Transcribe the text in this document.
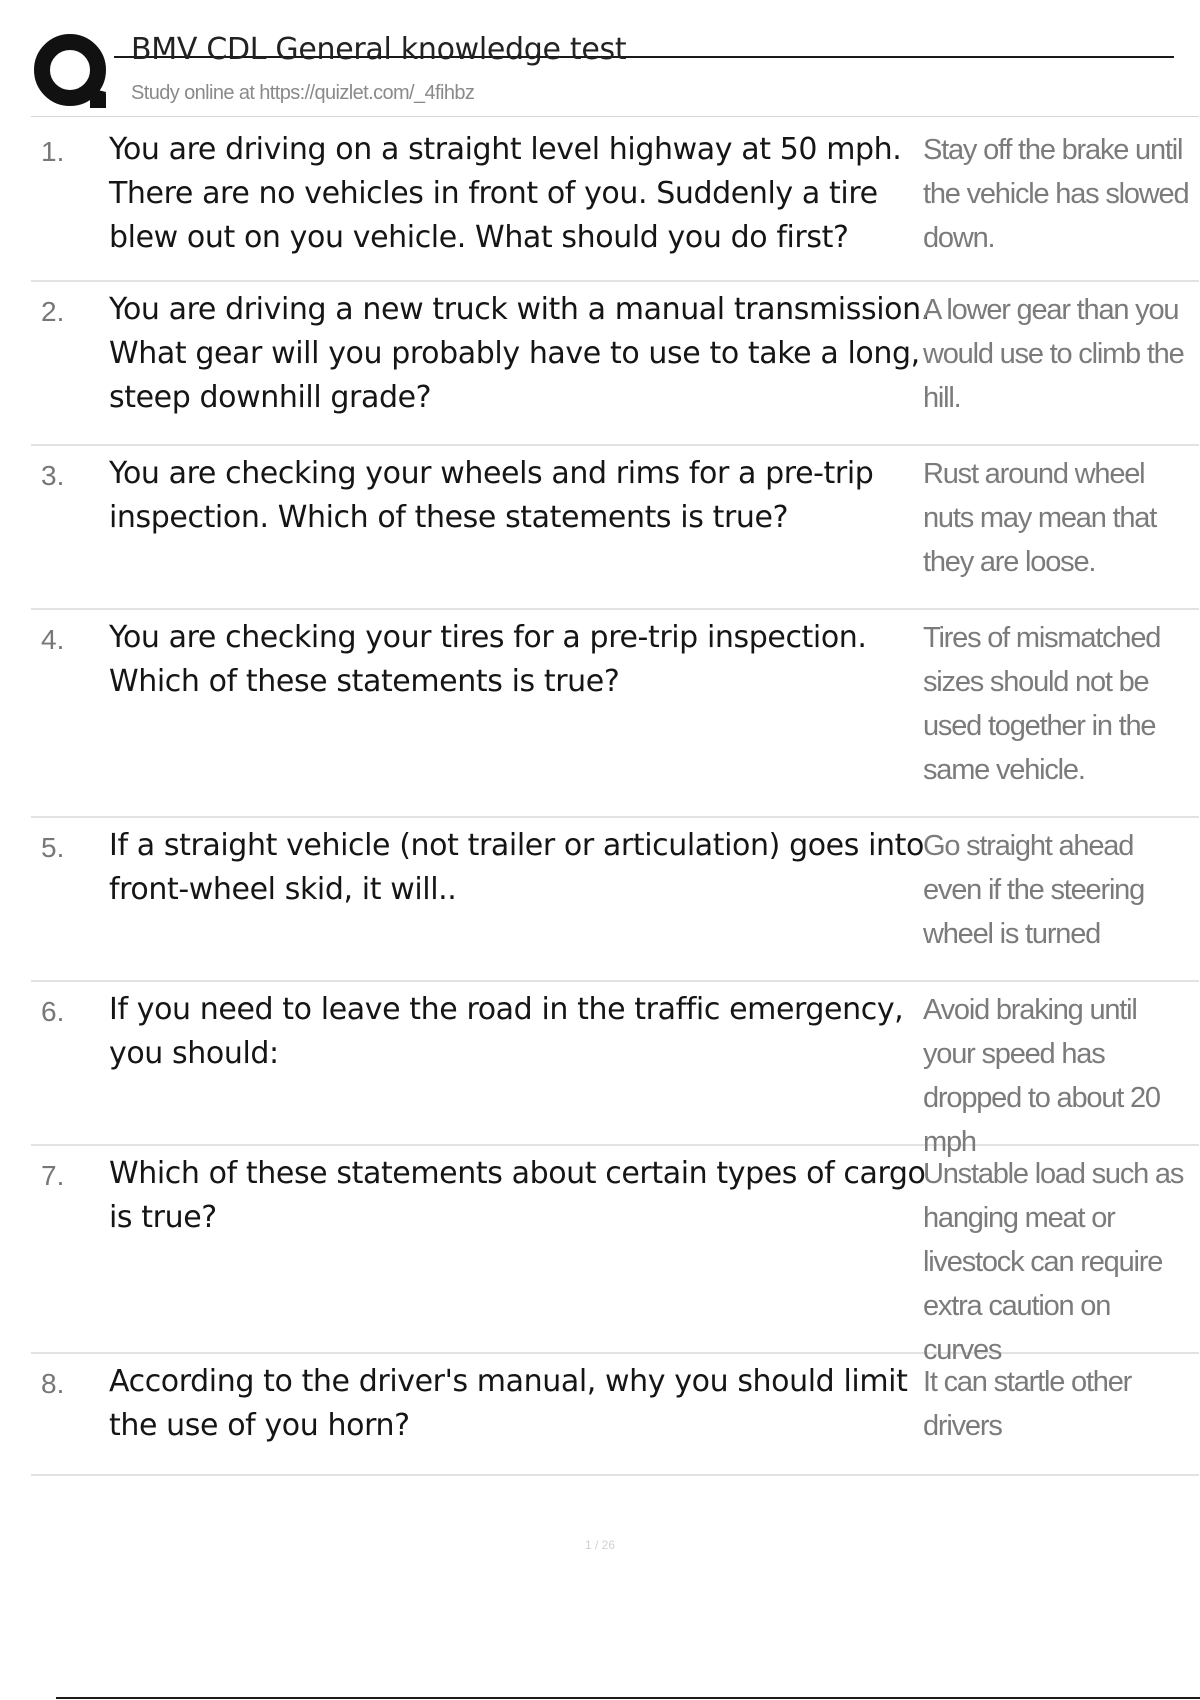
BMV CDL General knowledge test
Study online at https://quizlet.com/_4fihbz
1. You are driving on a straight level highway at 50 mph. There are no vehicles in front of you. Suddenly a tire blew out on you vehicle. What should you do first?
Stay off the brake until the vehicle has slowed down.
2. You are driving a new truck with a manual transmission. What gear will you probably have to use to take a long, steep downhill grade?
A lower gear than you would use to climb the hill.
3. You are checking your wheels and rims for a pre-trip inspection. Which of these statements is true?
Rust around wheel nuts may mean that they are loose.
4. You are checking your tires for a pre-trip inspection. Which of these statements is true?
Tires of mismatched sizes should not be used together in the same vehicle.
5. If a straight vehicle (not trailer or articulation) goes into front-wheel skid, it will..
Go straight ahead even if the steering wheel is turned
6. If you need to leave the road in the traffic emergency, you should:
Avoid braking until your speed has dropped to about 20 mph
7. Which of these statements about certain types of cargo is true?
Unstable load such as hanging meat or livestock can require extra caution on curves
8. According to the driver's manual, why you should limit the use of you horn?
It can startle other drivers
1 / 26
